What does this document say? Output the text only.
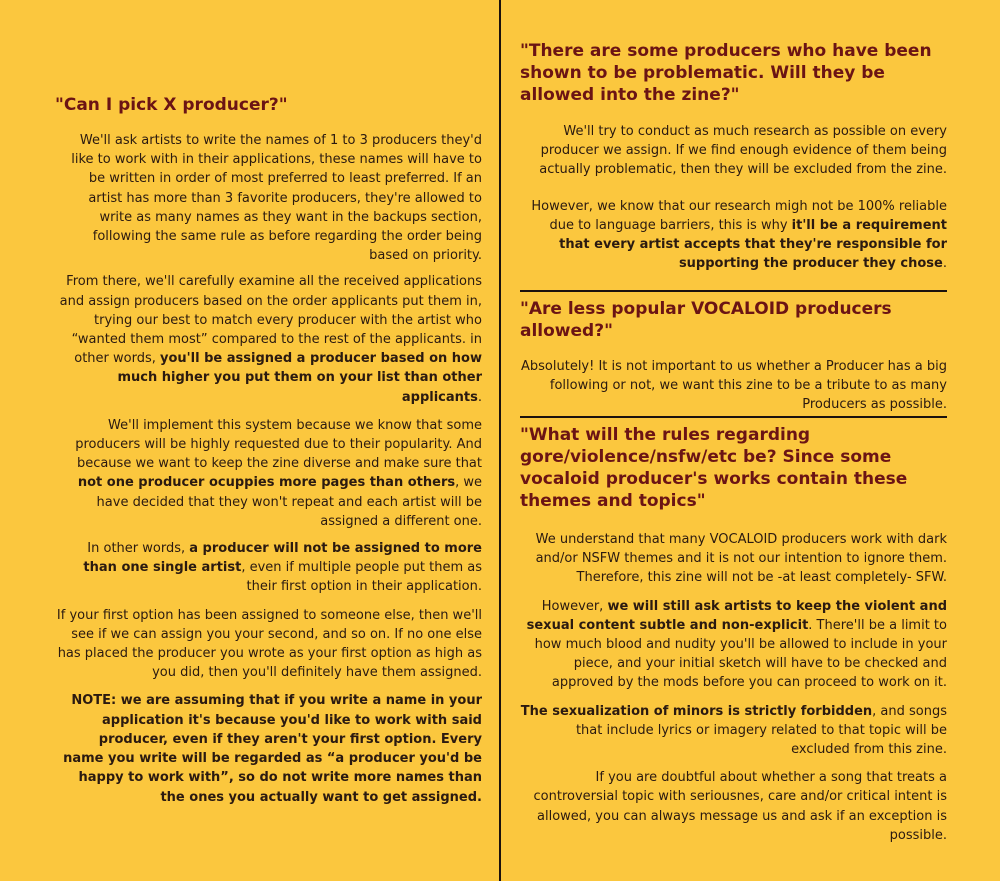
"Can I pick X producer?"

We'll ask artists to write the names of 1 to 3 producers they'd like to work with in their applications, these names will have to be written in order of most preferred to least preferred. If an artist has more than 3 favorite producers, they're allowed to write as many names as they want in the backups section, following the same rule as before regarding the order being based on priority.

From there, we'll carefully examine all the received applications and assign producers based on the order applicants put them in, trying our best to match every producer with the artist who “wanted them most” compared to the rest of the applicants. in other words, you'll be assigned a producer based on how much higher you put them on your list than other applicants.

We'll implement this system because we know that some producers will be highly requested due to their popularity. And because we want to keep the zine diverse and make sure that not one producer ocuppies more pages than others, we have decided that they won't repeat and each artist will be assigned a different one.

In other words, a producer will not be assigned to more than one single artist, even if multiple people put them as their first option in their application.

If your first option has been assigned to someone else, then we'll see if we can assign you your second, and so on. If no one else has placed the producer you wrote as your first option as high as you did, then you'll definitely have them assigned.

NOTE: we are assuming that if you write a name in your application it's because you'd like to work with said producer, even if they aren't your first option. Every name you write will be regarded as “a producer you'd be happy to work with”, so do not write more names than the ones you actually want to get assigned.

"There are some producers who have been shown to be problematic. Will they be allowed into the zine?"

We'll try to conduct as much research as possible on every producer we assign. If we find enough evidence of them being actually problematic, then they will be excluded from the zine.

However, we know that our research migh not be 100% reliable due to language barriers, this is why it'll be a requirement that every artist accepts that they're responsible for supporting the producer they chose.

"Are less popular VOCALOID producers allowed?"

Absolutely! It is not important to us whether a Producer has a big following or not, we want this zine to be a tribute to as many Producers as possible.

"What will the rules regarding gore/violence/nsfw/etc be? Since some vocaloid producer's works contain these themes and topics"

We understand that many VOCALOID producers work with dark and/or NSFW themes and it is not our intention to ignore them. Therefore, this zine will not be -at least completely- SFW.

However, we will still ask artists to keep the violent and sexual content subtle and non-explicit. There'll be a limit to how much blood and nudity you'll be allowed to include in your piece, and your initial sketch will have to be checked and approved by the mods before you can proceed to work on it.

The sexualization of minors is strictly forbidden, and songs that include lyrics or imagery related to that topic will be excluded from this zine.

If you are doubtful about whether a song that treats a controversial topic with seriousnes, care and/or critical intent is allowed, you can always message us and ask if an exception is possible.
